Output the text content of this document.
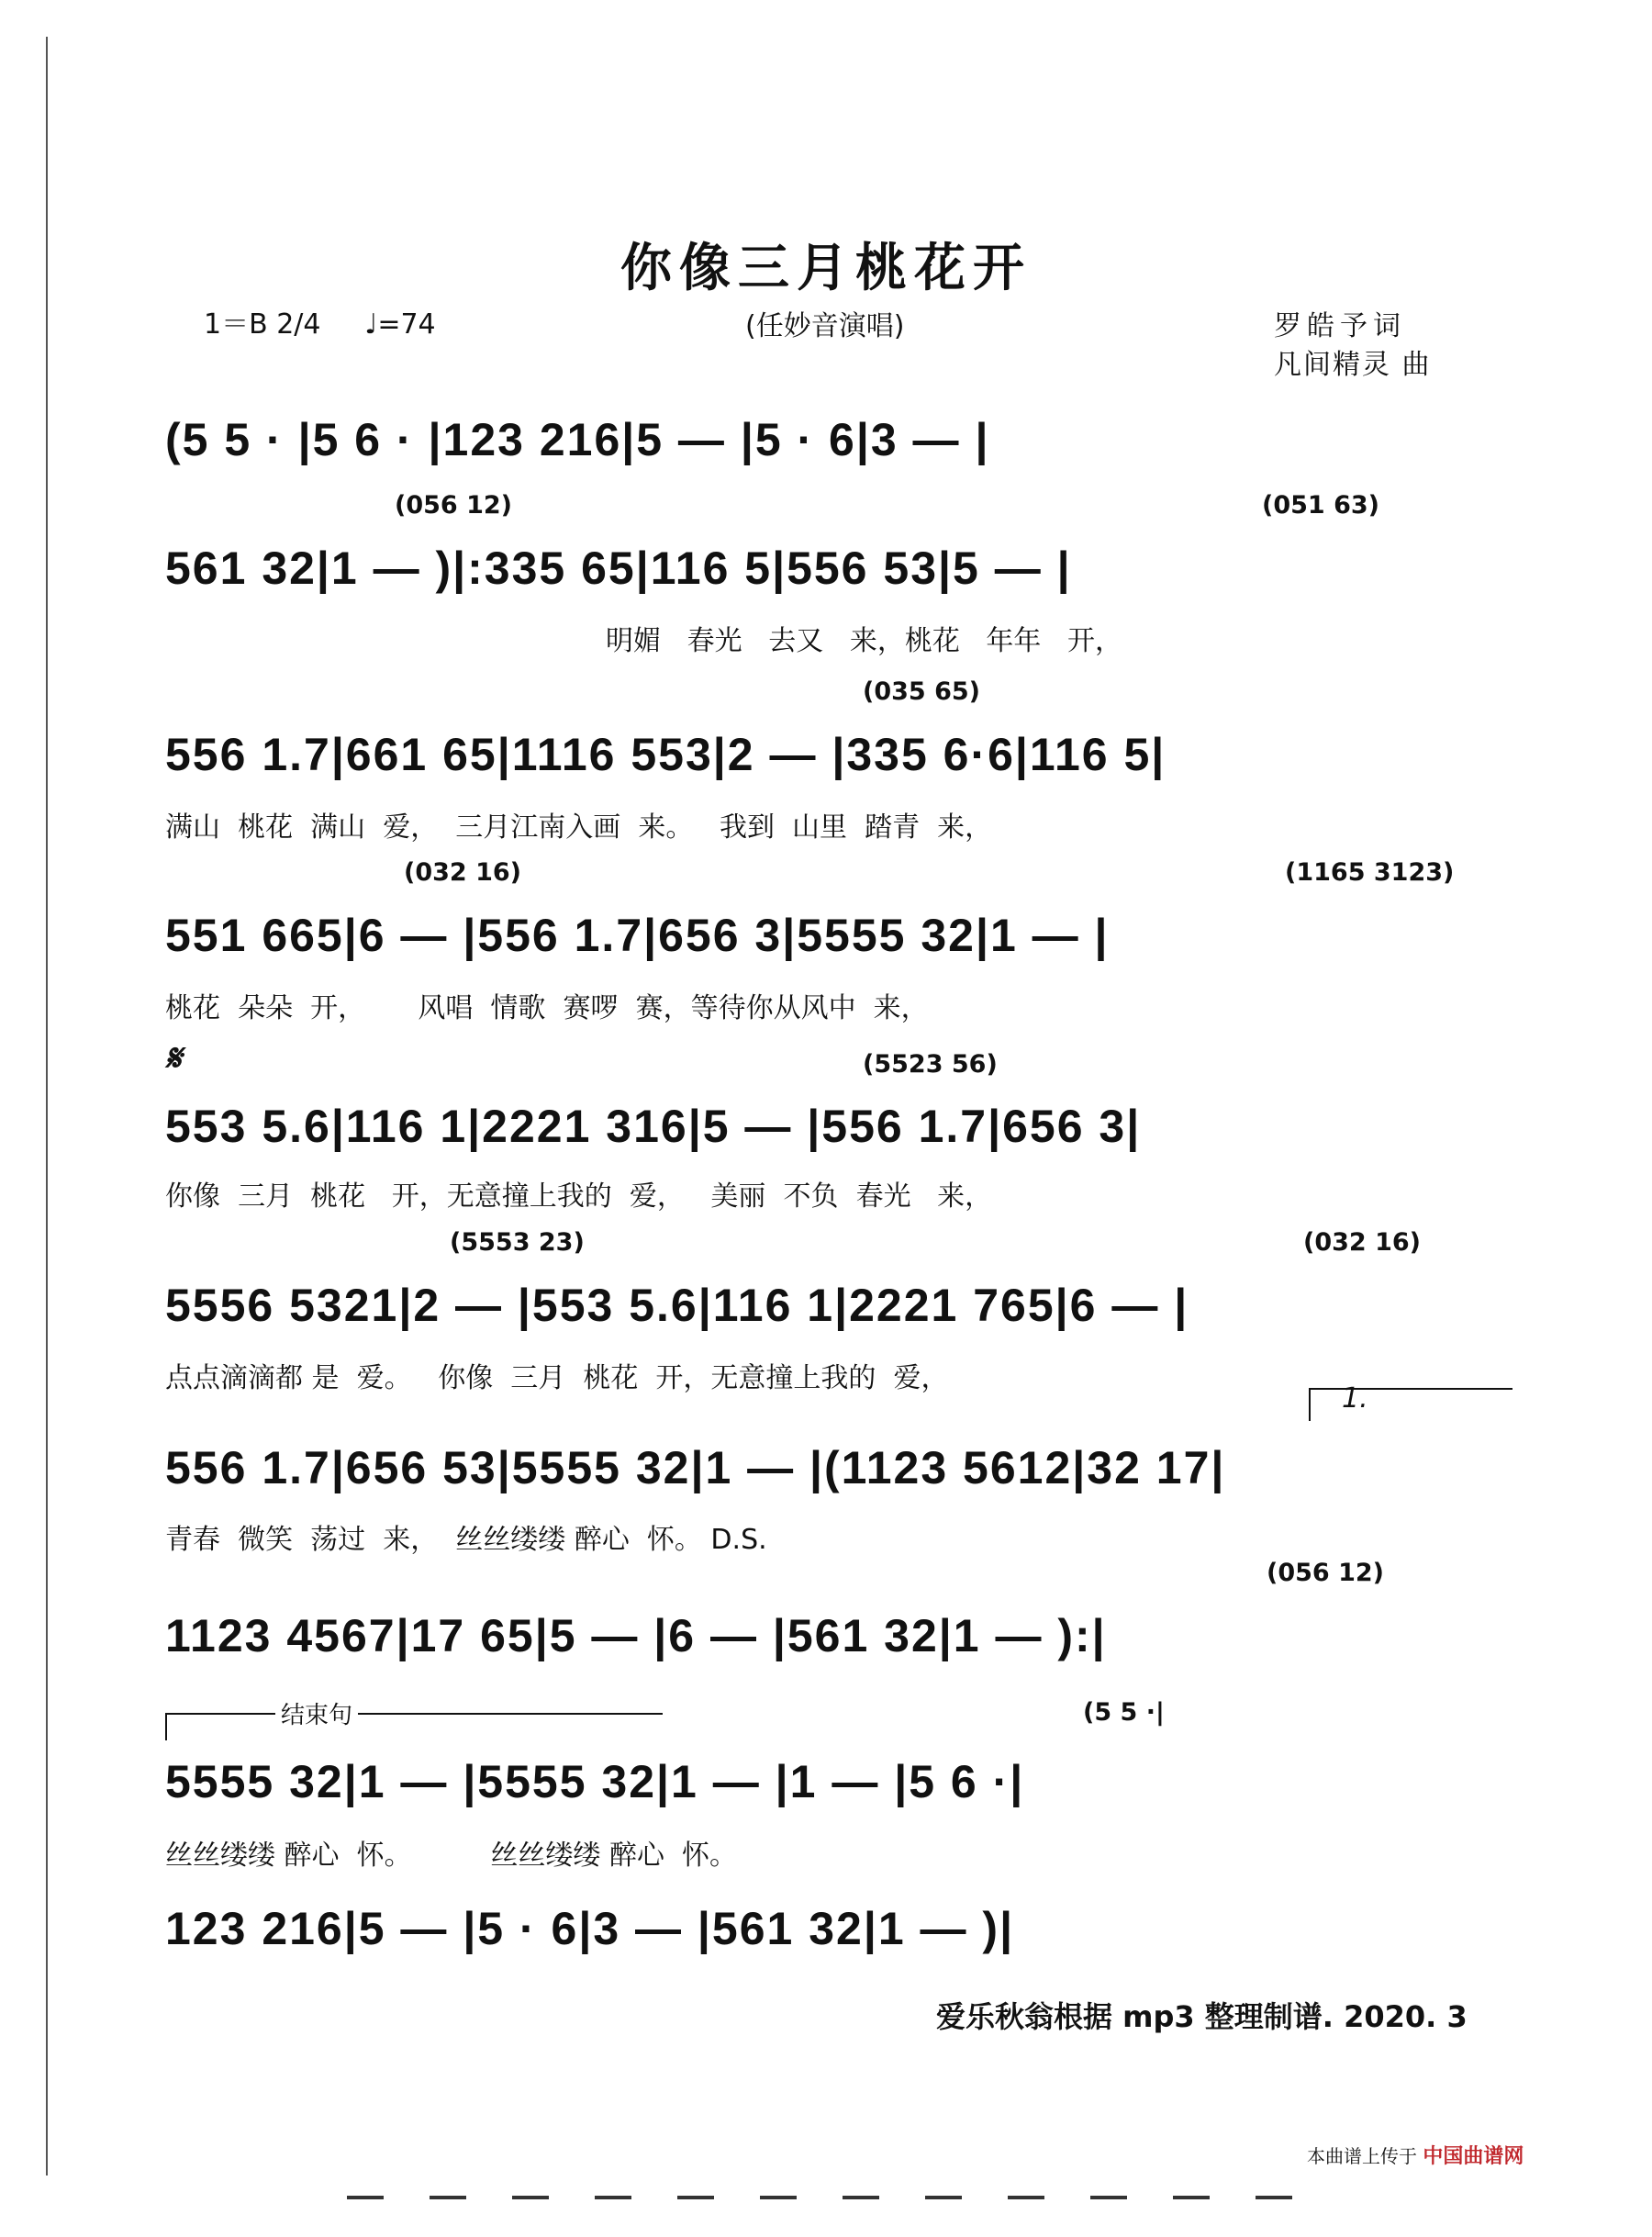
你像三月桃花开
1＝B 2/4 ♩=74	(任妙音演唱)	罗皓予词
凡间精灵 曲
(5 5 · |5 6 · |123 216|5 — |5 · 6|3 — |
(056 12)	(051 63)
561 32|1 — )|:335 65|116 5|556 53|5 — |
明媚   春光   去又   来，桃花   年年   开，
(035 65)
556 1.7|661 65|1116 553|2 — |335 6·6|116 5|
满山  桃花  满山  爱，  三月江南入画  来。   我到  山里  踏青  来，
(032 16)	(1165 3123)
551 665|6 — |556 1.7|656 3|5555 32|1 — |
桃花  朵朵  开，      风唱  情歌  赛啰  赛，等待你从风中  来，
𝄋	(5523 56)
553 5.6|116 1|2221 316|5 — |556 1.7|656 3|
你像  三月  桃花   开，无意撞上我的  爱，   美丽  不负  春光   来，
(5553 23)	(032 16)
5556 5321|2 — |553 5.6|116 1|2221 765|6 — |
点点滴滴都 是  爱。   你像  三月  桃花  开，无意撞上我的  爱，
1.
556 1.7|656 53|5555 32|1 — |(1123 5612|32 17|
青春  微笑  荡过  来，  丝丝缕缕 醉心  怀。 D.S.
(056 12)
1123 4567|17 65|5 — |6 — |561 32|1 — ):|
结束句	(5 5 ·|
5555 32|1 — |5555 32|1 — |1 — |5 6 ·|
丝丝缕缕 醉心  怀。         丝丝缕缕 醉心  怀。
123 216|5 — |5 · 6|3 — |561 32|1 — )|
爱乐秋翁根据 mp3 整理制谱. 2020. 3
本曲谱上传于 中国曲谱网
